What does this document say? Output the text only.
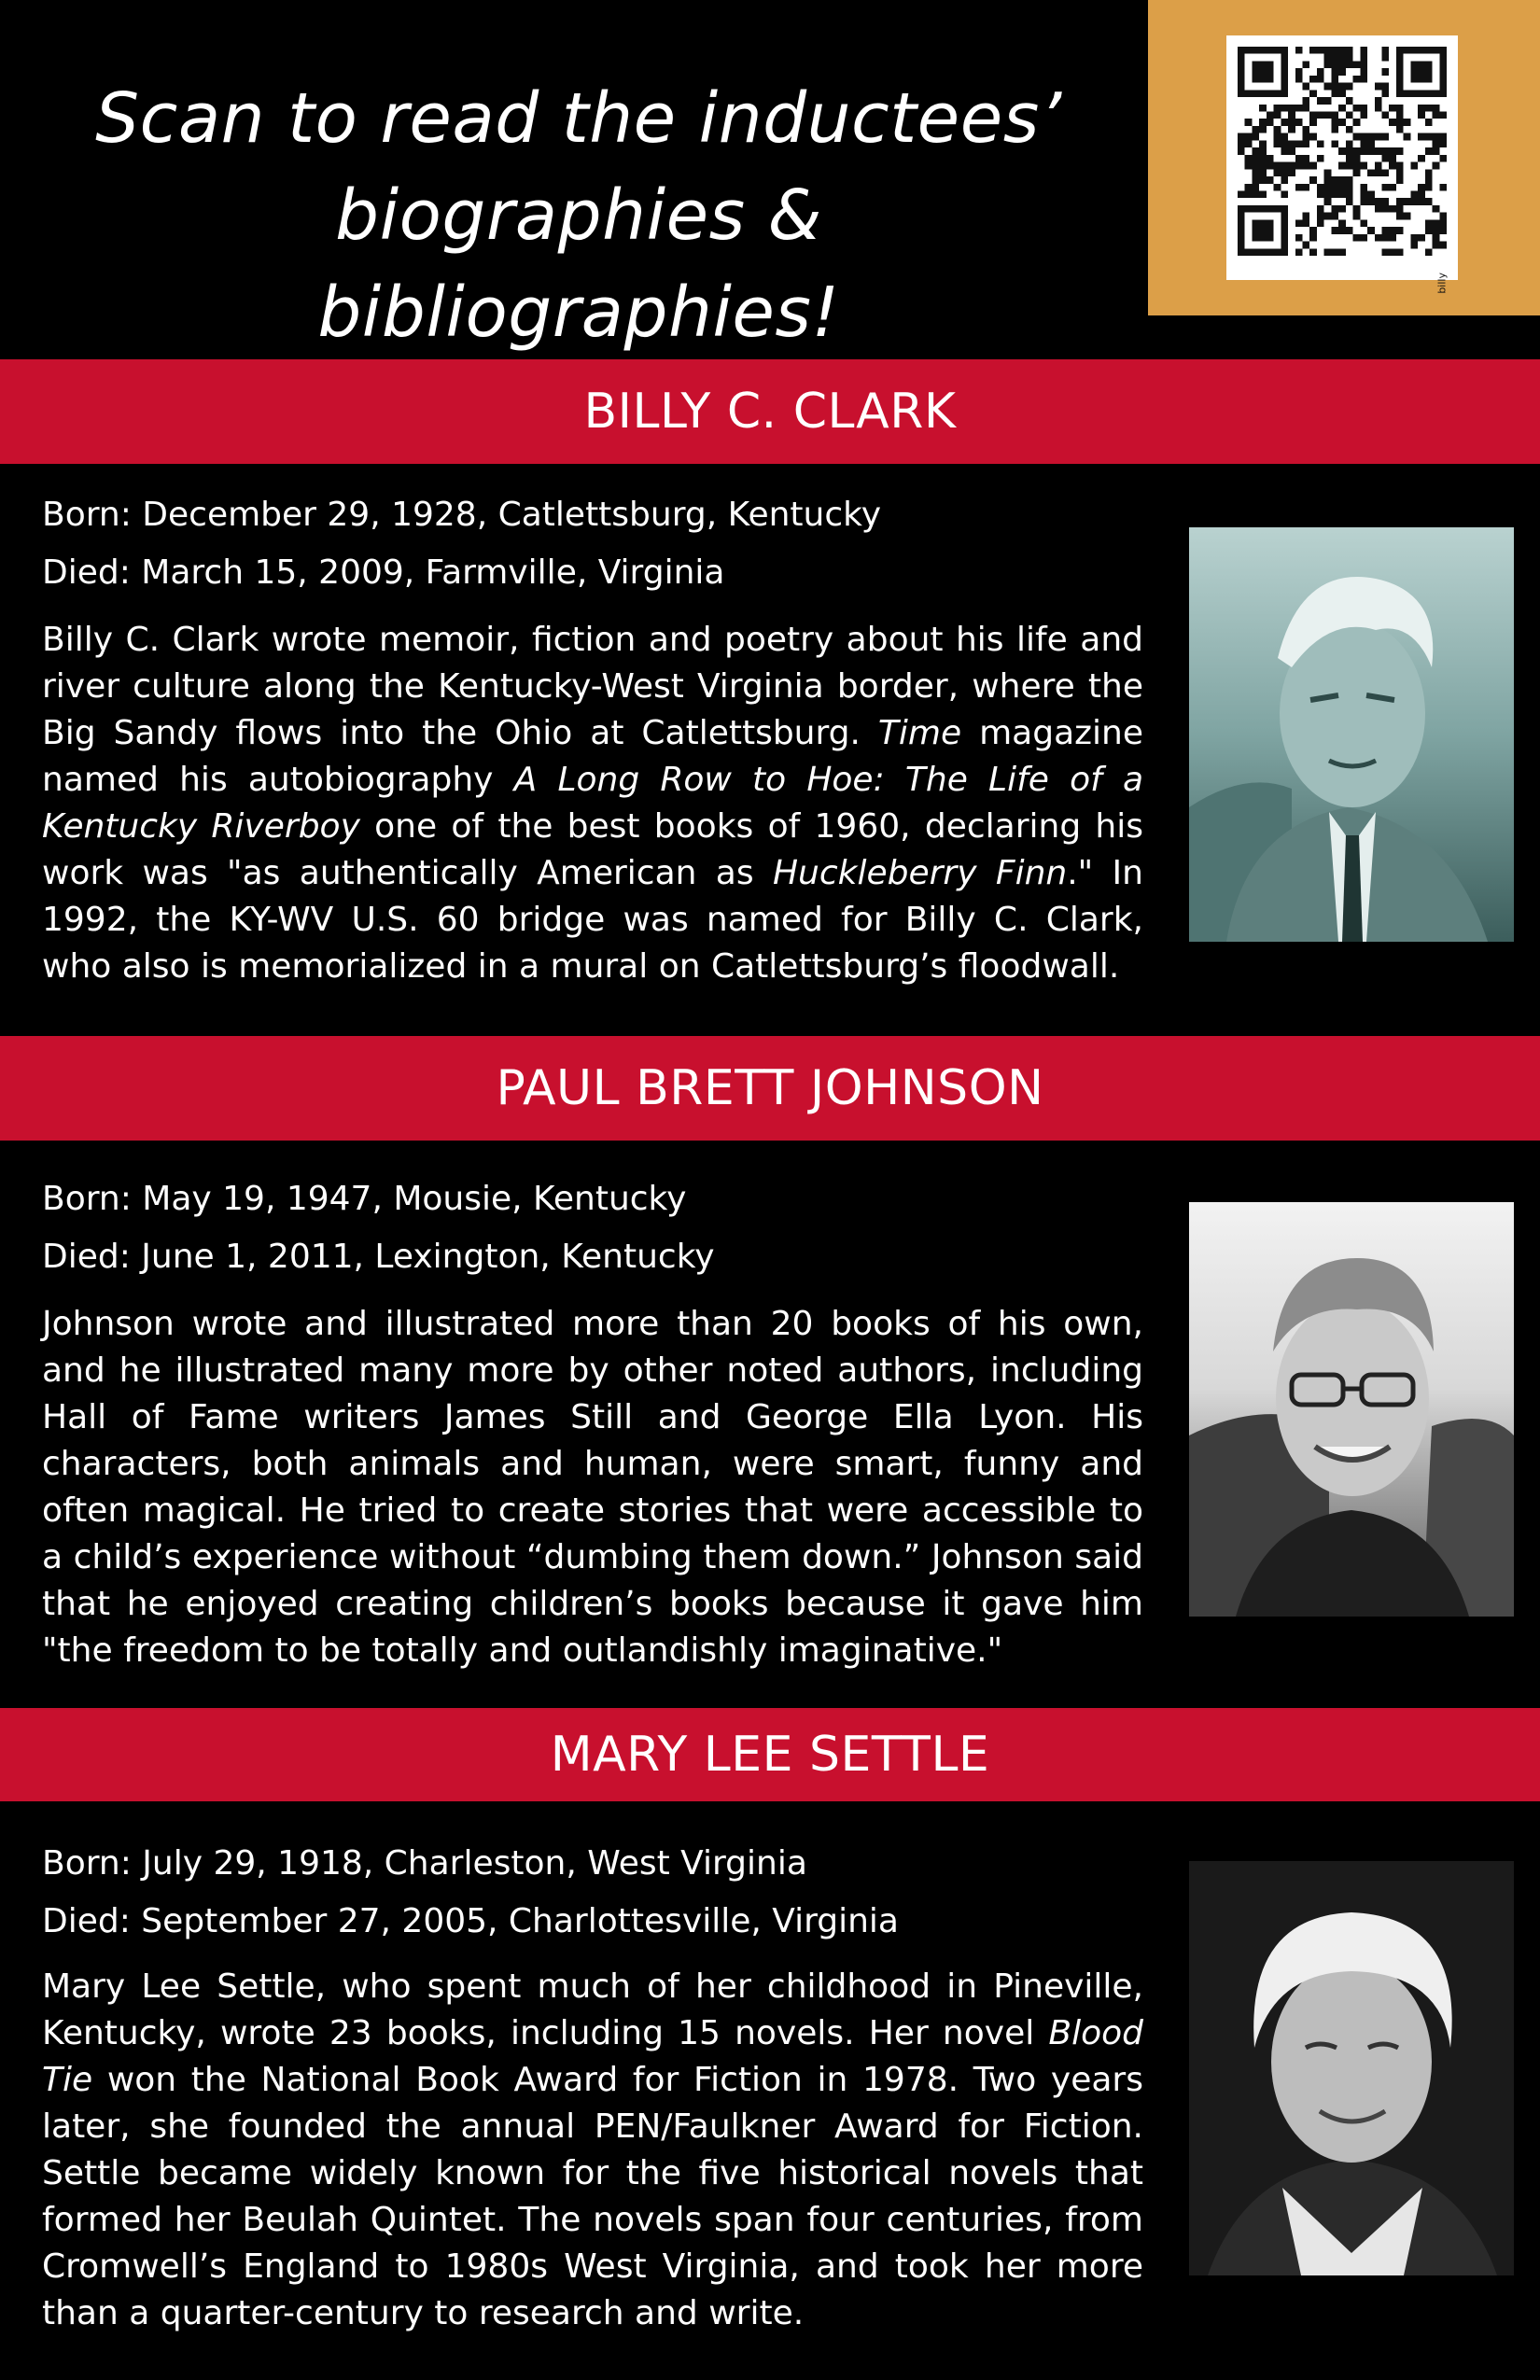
Scan to read the inductees’
biographies & bibliographies!	billy
BILLY C. CLARK
Born: December 29, 1928, Catlettsburg, Kentucky
Died: March 15, 2009, Farmville, Virginia
Billy C. Clark wrote memoir, fiction and poetry about his life and river culture along the Kentucky-West Virginia border, where the Big Sandy flows into the Ohio at Catlettsburg. Time magazine named his autobiography A Long Row to Hoe: The Life of a Kentucky Riverboy one of the best books of 1960, declaring his work was "as authentically American as Huckleberry Finn." In 1992, the KY-WV U.S. 60 bridge was named for Billy C. Clark, who also is memorialized in a mural on Catlettsburg’s floodwall.
PAUL BRETT JOHNSON
Born: May 19, 1947, Mousie, Kentucky
Died: June 1, 2011, Lexington, Kentucky
Johnson wrote and illustrated more than 20 books of his own, and he illustrated many more by other noted authors, including Hall of Fame writers James Still and George Ella Lyon. His characters, both animals and human, were smart, funny and often magical. He tried to create stories that were accessible to a child’s experience without “dumbing them down.” Johnson said that he enjoyed creating children’s books because it gave him "the freedom to be totally and outlandishly imaginative."
MARY LEE SETTLE
Born: July 29, 1918, Charleston, West Virginia
Died: September 27, 2005, Charlottesville, Virginia
Mary Lee Settle, who spent much of her childhood in Pineville, Kentucky, wrote 23 books, including 15 novels. Her novel Blood Tie won the National Book Award for Fiction in 1978. Two years later, she founded the annual PEN/Faulkner Award for Fiction. Settle became widely known for the five historical novels that formed her Beulah Quintet. The novels span four centuries, from Cromwell’s England to 1980s West Virginia, and took her more than a quarter-century to research and write.
